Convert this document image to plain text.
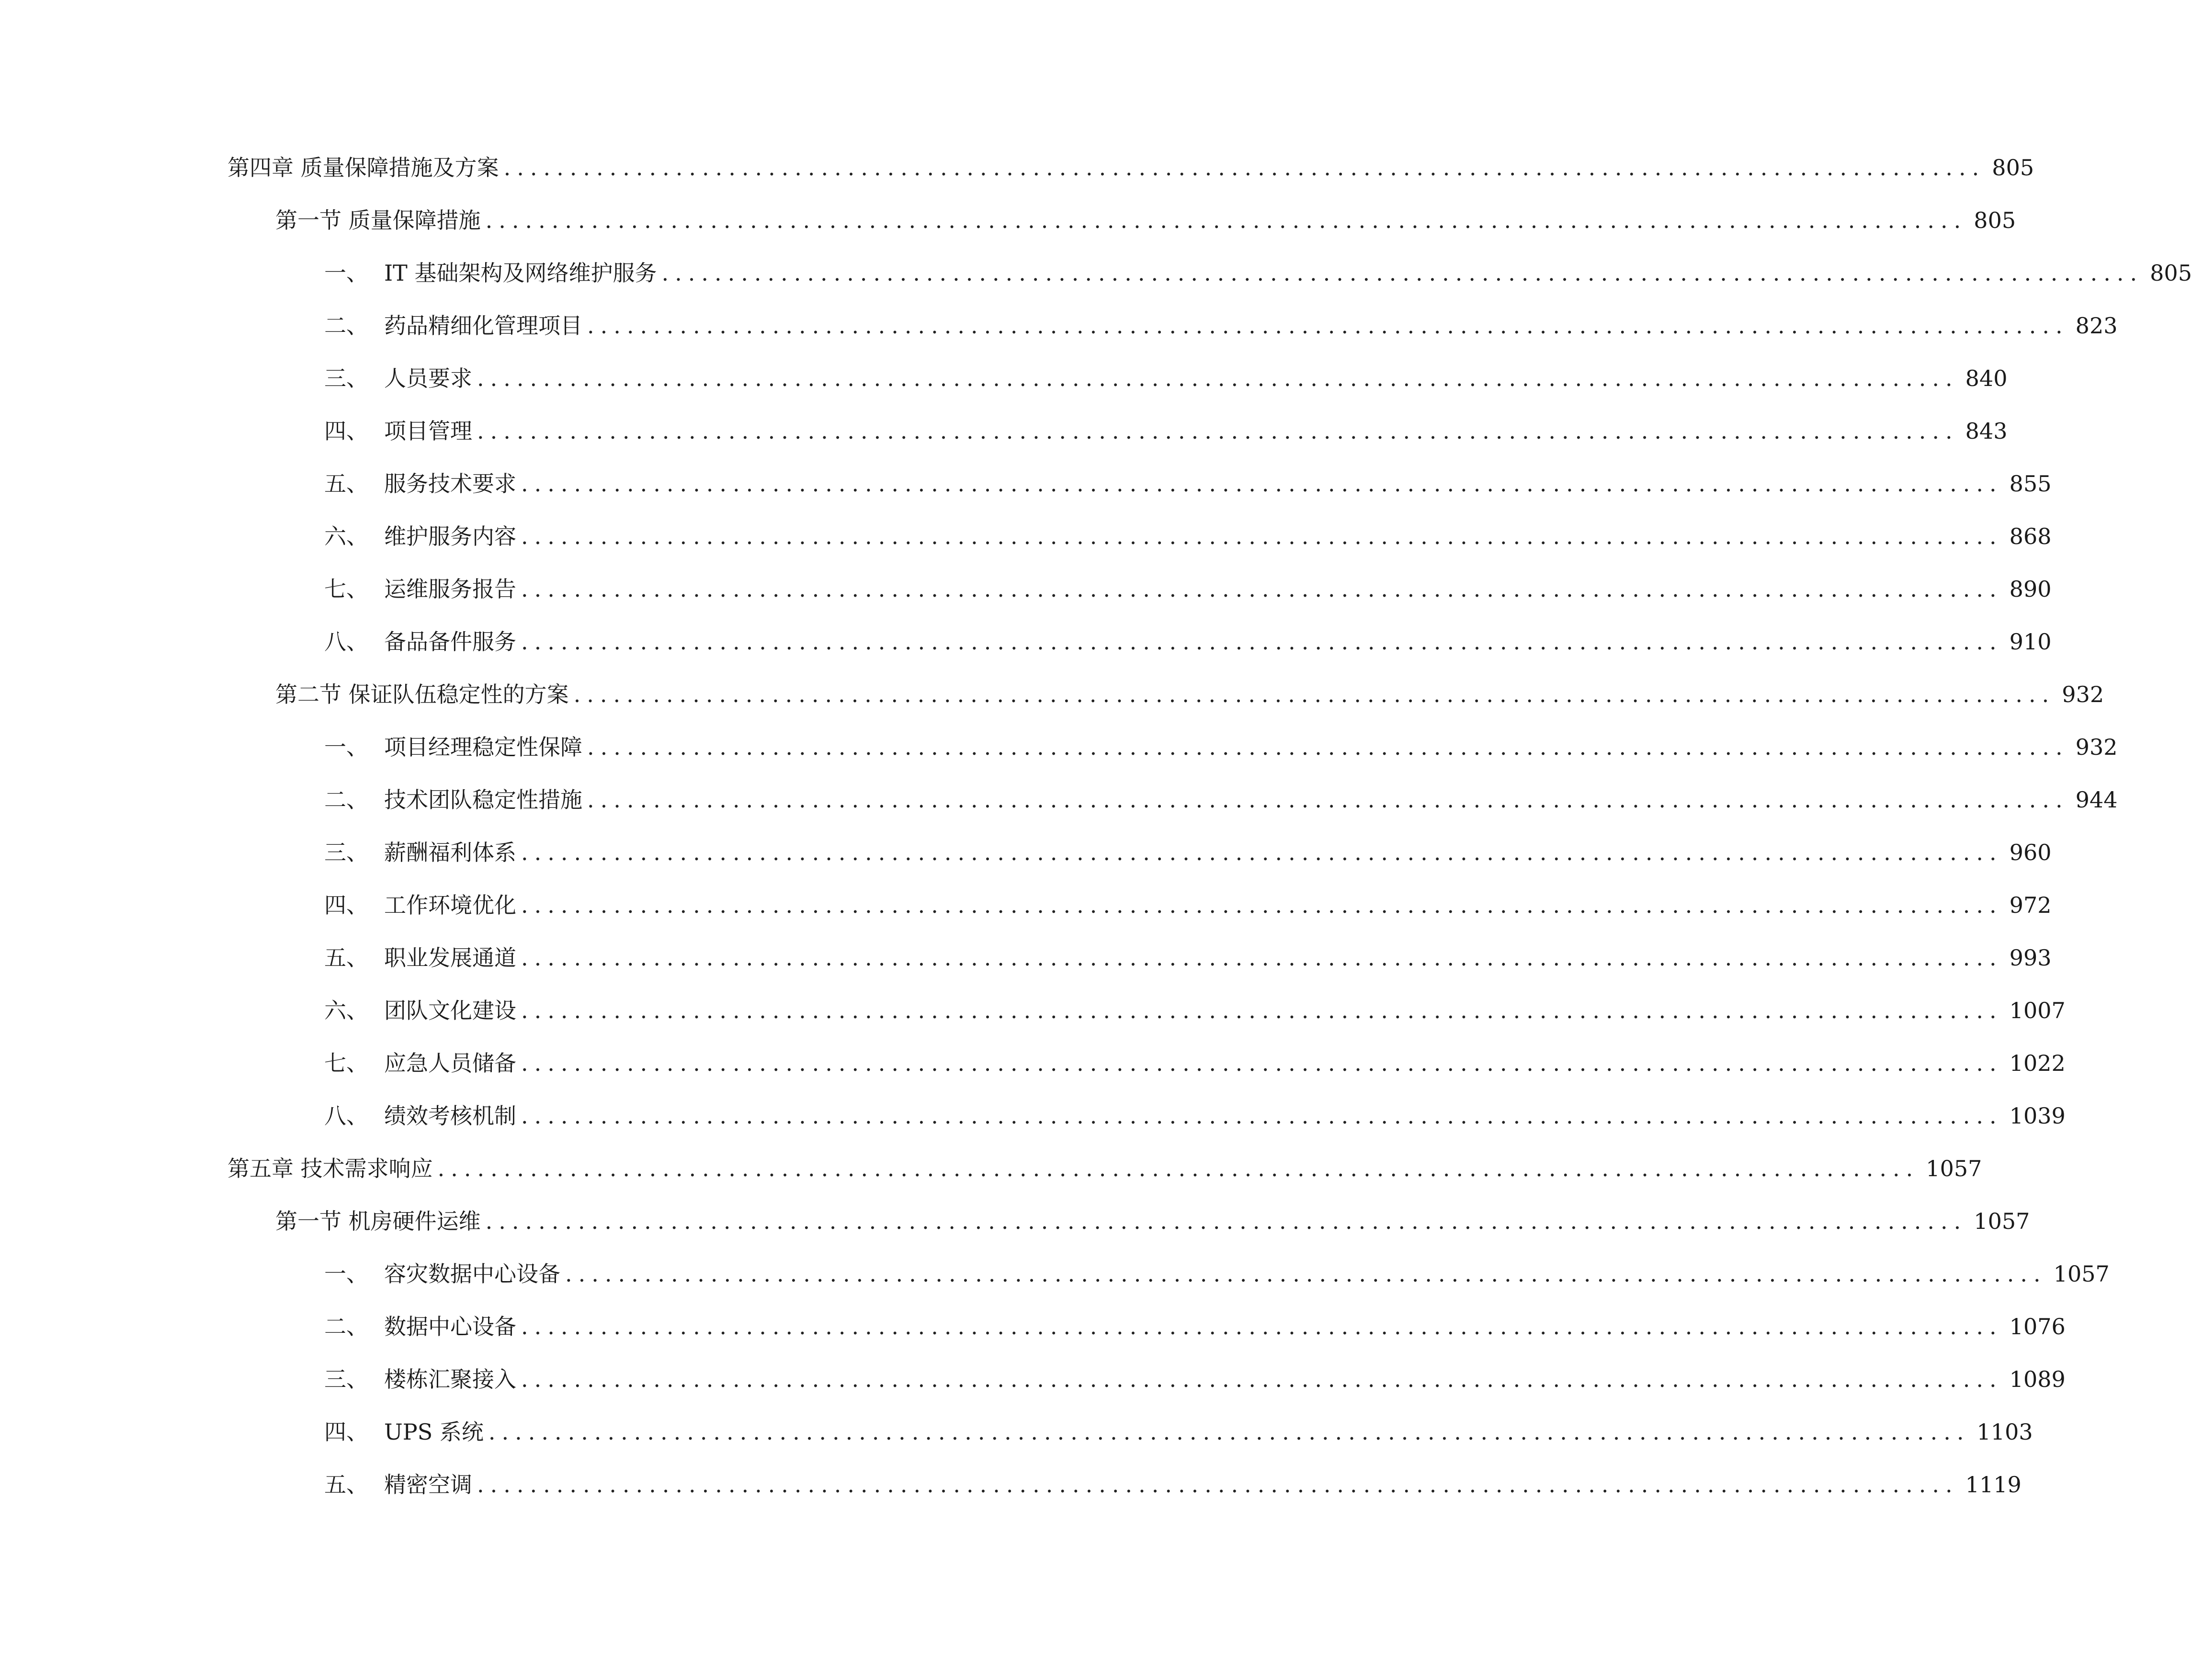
第四章 质量保障措施及方案 ................................................................................................................ 805
第一节 质量保障措施 ................................................................................................................ 805
一、 IT 基础架构及网络维护服务 ................................................................................................................ 805
二、 药品精细化管理项目 ................................................................................................................ 823
三、 人员要求 ................................................................................................................ 840
四、 项目管理 ................................................................................................................ 843
五、 服务技术要求 ................................................................................................................ 855
六、 维护服务内容 ................................................................................................................ 868
七、 运维服务报告 ................................................................................................................ 890
八、 备品备件服务 ................................................................................................................ 910
第二节 保证队伍稳定性的方案 ................................................................................................................ 932
一、 项目经理稳定性保障 ................................................................................................................ 932
二、 技术团队稳定性措施 ................................................................................................................ 944
三、 薪酬福利体系 ................................................................................................................ 960
四、 工作环境优化 ................................................................................................................ 972
五、 职业发展通道 ................................................................................................................ 993
六、 团队文化建设 ................................................................................................................ 1007
七、 应急人员储备 ................................................................................................................ 1022
八、 绩效考核机制 ................................................................................................................ 1039
第五章 技术需求响应 ................................................................................................................ 1057
第一节 机房硬件运维 ................................................................................................................ 1057
一、 容灾数据中心设备 ................................................................................................................ 1057
二、 数据中心设备 ................................................................................................................ 1076
三、 楼栋汇聚接入 ................................................................................................................ 1089
四、 UPS 系统 ................................................................................................................ 1103
五、 精密空调 ................................................................................................................ 1119
